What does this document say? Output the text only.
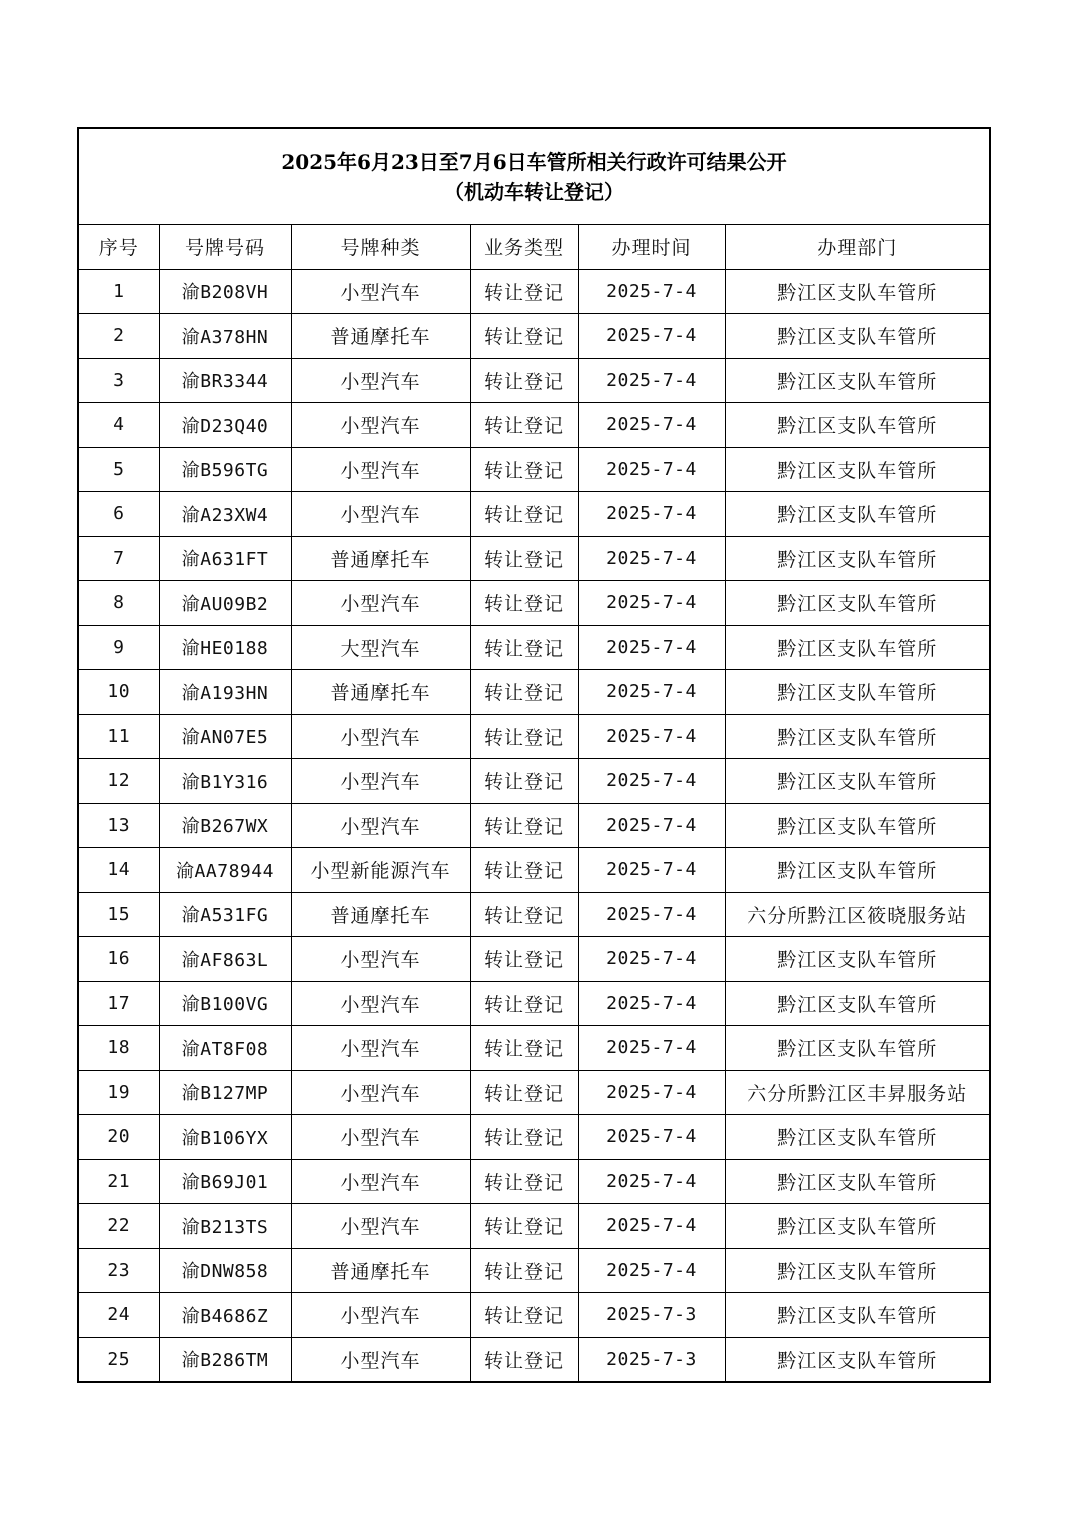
2025年6月23日至7月6日车管所相关行政许可结果公开
（机动车转让登记）
序号	号牌号码	号牌种类	业务类型	办理时间	办理部门
1	渝B208VH	小型汽车	转让登记	2025-7-4	黔江区支队车管所
2	渝A378HN	普通摩托车	转让登记	2025-7-4	黔江区支队车管所
3	渝BR3344	小型汽车	转让登记	2025-7-4	黔江区支队车管所
4	渝D23Q40	小型汽车	转让登记	2025-7-4	黔江区支队车管所
5	渝B596TG	小型汽车	转让登记	2025-7-4	黔江区支队车管所
6	渝A23XW4	小型汽车	转让登记	2025-7-4	黔江区支队车管所
7	渝A631FT	普通摩托车	转让登记	2025-7-4	黔江区支队车管所
8	渝AU09B2	小型汽车	转让登记	2025-7-4	黔江区支队车管所
9	渝HE0188	大型汽车	转让登记	2025-7-4	黔江区支队车管所
10	渝A193HN	普通摩托车	转让登记	2025-7-4	黔江区支队车管所
11	渝AN07E5	小型汽车	转让登记	2025-7-4	黔江区支队车管所
12	渝B1Y316	小型汽车	转让登记	2025-7-4	黔江区支队车管所
13	渝B267WX	小型汽车	转让登记	2025-7-4	黔江区支队车管所
14	渝AA78944	小型新能源汽车	转让登记	2025-7-4	黔江区支队车管所
15	渝A531FG	普通摩托车	转让登记	2025-7-4	六分所黔江区筱晓服务站
16	渝AF863L	小型汽车	转让登记	2025-7-4	黔江区支队车管所
17	渝B100VG	小型汽车	转让登记	2025-7-4	黔江区支队车管所
18	渝AT8F08	小型汽车	转让登记	2025-7-4	黔江区支队车管所
19	渝B127MP	小型汽车	转让登记	2025-7-4	六分所黔江区丰昇服务站
20	渝B106YX	小型汽车	转让登记	2025-7-4	黔江区支队车管所
21	渝B69J01	小型汽车	转让登记	2025-7-4	黔江区支队车管所
22	渝B213TS	小型汽车	转让登记	2025-7-4	黔江区支队车管所
23	渝DNW858	普通摩托车	转让登记	2025-7-4	黔江区支队车管所
24	渝B4686Z	小型汽车	转让登记	2025-7-3	黔江区支队车管所
25	渝B286TM	小型汽车	转让登记	2025-7-3	黔江区支队车管所
